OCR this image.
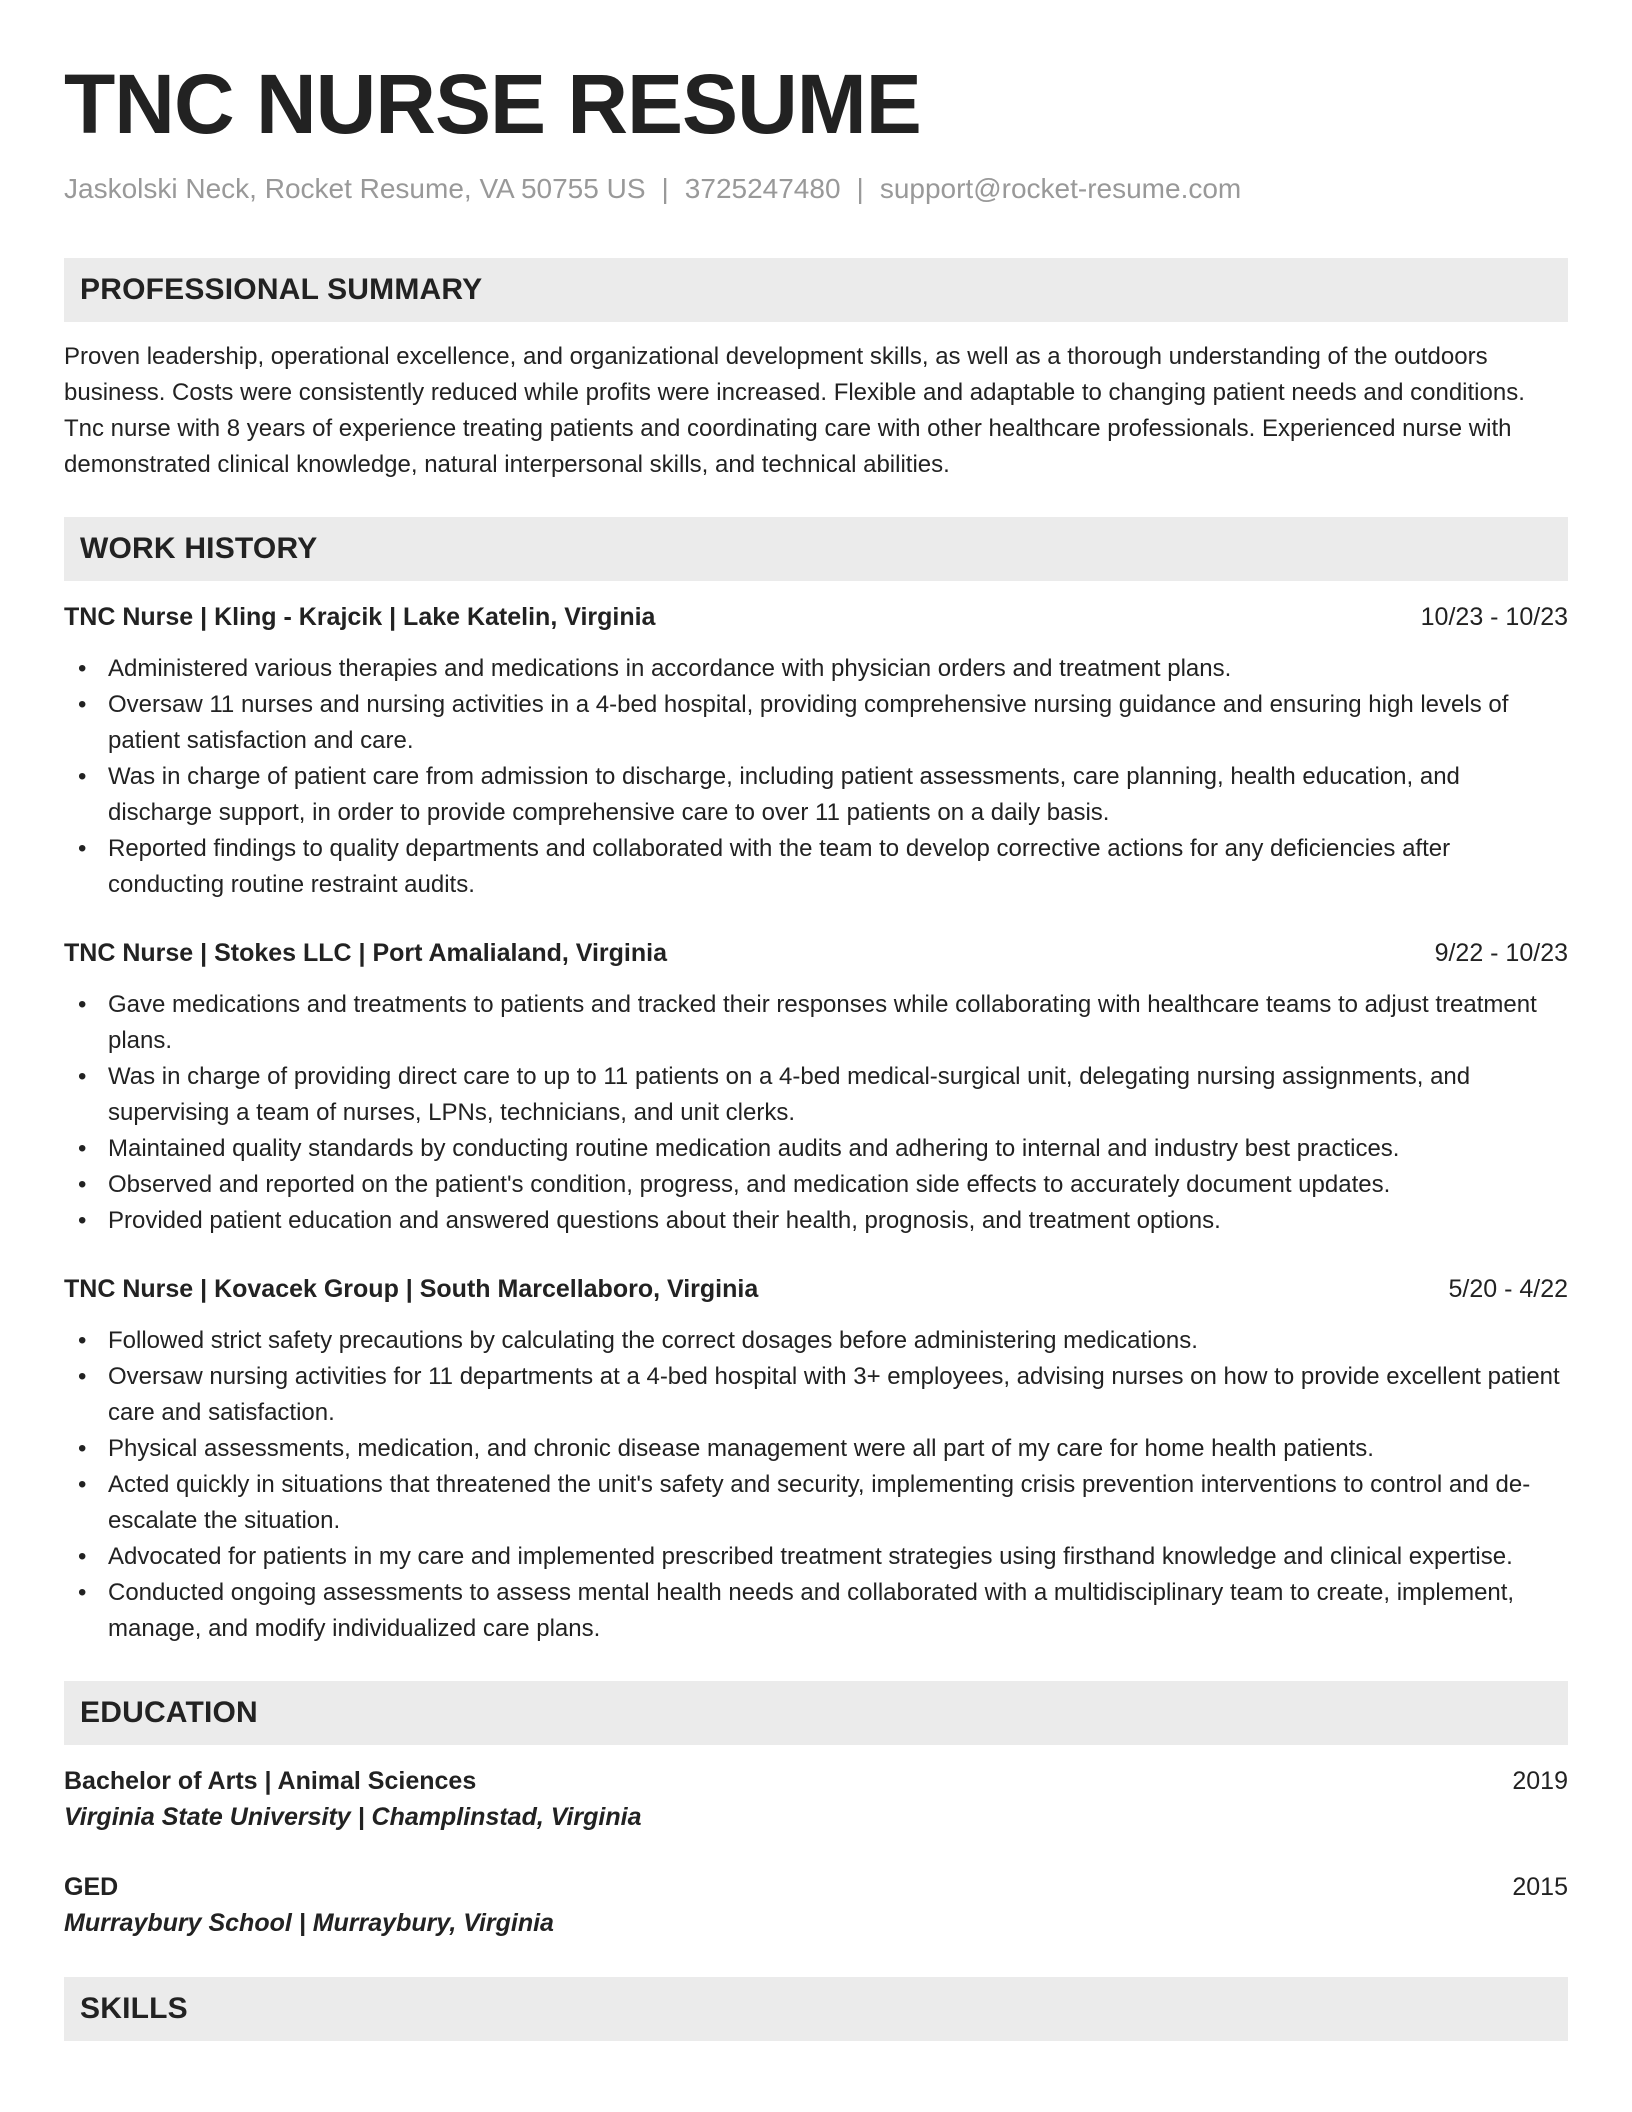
TNC NURSE RESUME
Jaskolski Neck, Rocket Resume, VA 50755 US | 3725247480 | support@rocket-resume.com
PROFESSIONAL SUMMARY

Proven leadership, operational excellence, and organizational development skills, as well as a thorough understanding of the outdoors business. Costs were consistently reduced while profits were increased. Flexible and adaptable to changing patient needs and conditions. Tnc nurse with 8 years of experience treating patients and coordinating care with other healthcare professionals. Experienced nurse with demonstrated clinical knowledge, natural interpersonal skills, and technical abilities.

WORK HISTORY
TNC Nurse | Kling - Krajcik | Lake Katelin, Virginia	10/23 - 10/23
• Administered various therapies and medications in accordance with physician orders and treatment plans.
• Oversaw 11 nurses and nursing activities in a 4-bed hospital, providing comprehensive nursing guidance and ensuring high levels of patient satisfaction and care.
• Was in charge of patient care from admission to discharge, including patient assessments, care planning, health education, and discharge support, in order to provide comprehensive care to over 11 patients on a daily basis.
• Reported findings to quality departments and collaborated with the team to develop corrective actions for any deficiencies after conducting routine restraint audits.
TNC Nurse | Stokes LLC | Port Amalialand, Virginia	9/22 - 10/23
• Gave medications and treatments to patients and tracked their responses while collaborating with healthcare teams to adjust treatment plans.
• Was in charge of providing direct care to up to 11 patients on a 4-bed medical-surgical unit, delegating nursing assignments, and supervising a team of nurses, LPNs, technicians, and unit clerks.
• Maintained quality standards by conducting routine medication audits and adhering to internal and industry best practices.
• Observed and reported on the patient's condition, progress, and medication side effects to accurately document updates.
• Provided patient education and answered questions about their health, prognosis, and treatment options.
TNC Nurse | Kovacek Group | South Marcellaboro, Virginia	5/20 - 4/22
• Followed strict safety precautions by calculating the correct dosages before administering medications.
• Oversaw nursing activities for 11 departments at a 4-bed hospital with 3+ employees, advising nurses on how to provide excellent patient care and satisfaction.
• Physical assessments, medication, and chronic disease management were all part of my care for home health patients.
• Acted quickly in situations that threatened the unit's safety and security, implementing crisis prevention interventions to control and de-escalate the situation.
• Advocated for patients in my care and implemented prescribed treatment strategies using firsthand knowledge and clinical expertise.
• Conducted ongoing assessments to assess mental health needs and collaborated with a multidisciplinary team to create, implement, manage, and modify individualized care plans.
EDUCATION
Bachelor of Arts | Animal Sciences	2019
Virginia State University | Champlinstad, Virginia
GED	2015
Murraybury School | Murraybury, Virginia
SKILLS
